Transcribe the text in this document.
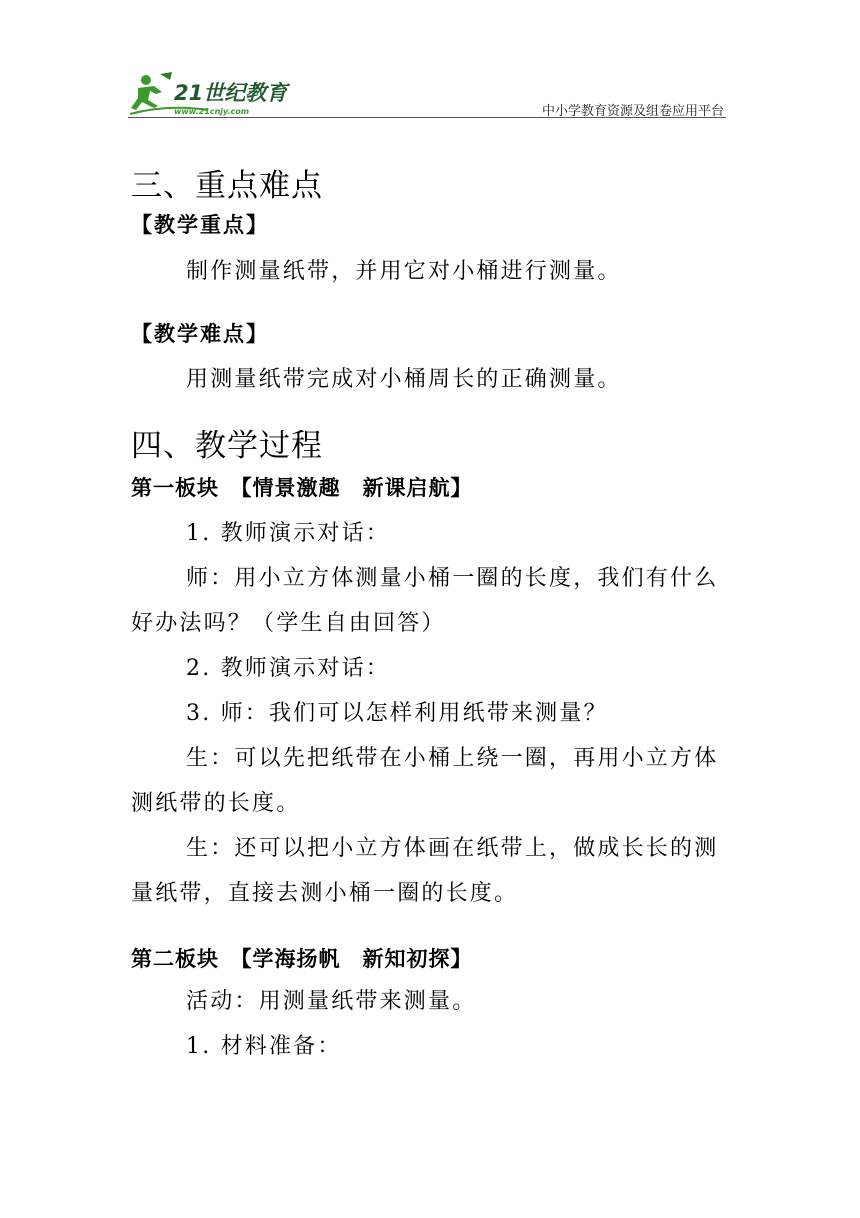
21世纪教育
www.21cnjy.com	中小学教育资源及组卷应用平台
三、重点难点
【教学重点】

制作测量纸带，并用它对小桶进行测量。

【教学难点】

用测量纸带完成对小桶周长的正确测量。

四、教学过程
第一板块　【情景激趣　新课启航】

1. 教师演示对话：

师：用小立方体测量小桶一圈的长度，我们有什么好办法吗？（学生自由回答）

2. 教师演示对话：

3. 师：我们可以怎样利用纸带来测量？

生：可以先把纸带在小桶上绕一圈，再用小立方体测纸带的长度。

生：还可以把小立方体画在纸带上，做成长长的测量纸带，直接去测小桶一圈的长度。

第二板块　【学海扬帆　新知初探】

活动：用测量纸带来测量。

1. 材料准备：
